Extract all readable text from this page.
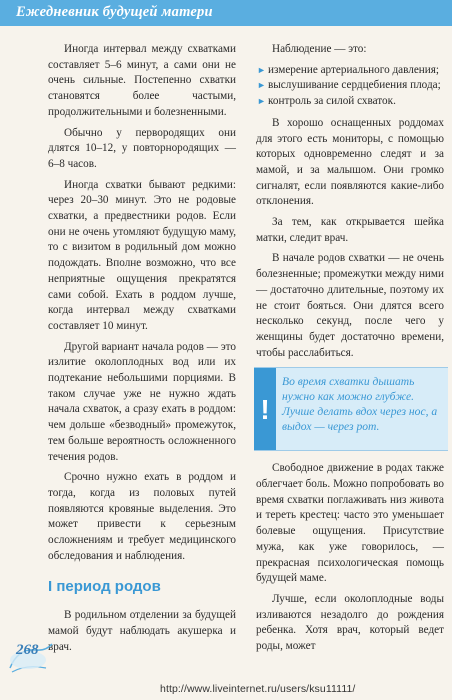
Ежедневник будущей матери

Иногда интервал между схватками составляет 5–6 минут, а сами они не очень сильные. Постепенно схватки становятся более частыми, продолжительными и болезненными.

Обычно у первородящих они длятся 10–12, у повторнородящих — 6–8 часов.

Иногда схватки бывают редкими: через 20–30 минут. Это не родовые схватки, а предвестники родов. Если они не очень утомляют будущую маму, то с визитом в родильный дом можно подождать. Вполне возможно, что все неприятные ощущения прекратятся сами собой. Ехать в роддом лучше, когда интервал между схватками составляет 10 минут.

Другой вариант начала родов — это излитие околоплодных вод или их подтекание небольшими порциями. В таком случае уже не нужно ждать начала схваток, а сразу ехать в роддом: чем дольше «безводный» промежуток, тем больше вероятность осложненного течения родов.

Срочно нужно ехать в роддом и тогда, когда из половых путей появляются кровяные выделения. Это может привести к серьезным осложнениям и требует медицинского обследования и наблюдения.

I период родов

В родильном отделении за будущей мамой будут наблюдать акушерка и врач.

Наблюдение — это:

► измерение артериального давления;
► выслушивание сердцебиения плода;
► контроль за силой схваток.

В хорошо оснащенных роддомах для этого есть мониторы, с помощью которых одновременно следят и за мамой, и за малышом. Они громко сигналят, если появляются какие-либо отклонения.

За тем, как открывается шейка матки, следит врач.

В начале родов схватки — не очень болезненные; промежутки между ними — достаточно длительные, поэтому их не стоит бояться. Они длятся всего несколько секунд, после чего у женщины будет достаточно времени, чтобы расслабиться.

!
Во время схватки дышать нужно как можно глубже. Лучше делать вдох через нос, а выдох — через рот.

Свободное движение в родах также облегчает боль. Можно попробовать во время схватки поглаживать низ живота и тереть крестец: часто это уменьшает болевые ощущения. Присутствие мужа, как уже говорилось, — прекрасная психологическая помощь будущей маме.

Лучше, если околоплодные воды изливаются незадолго до рождения ребенка. Хотя врач, который ведет роды, может

268
http://www.liveinternet.ru/users/ksu11111/
